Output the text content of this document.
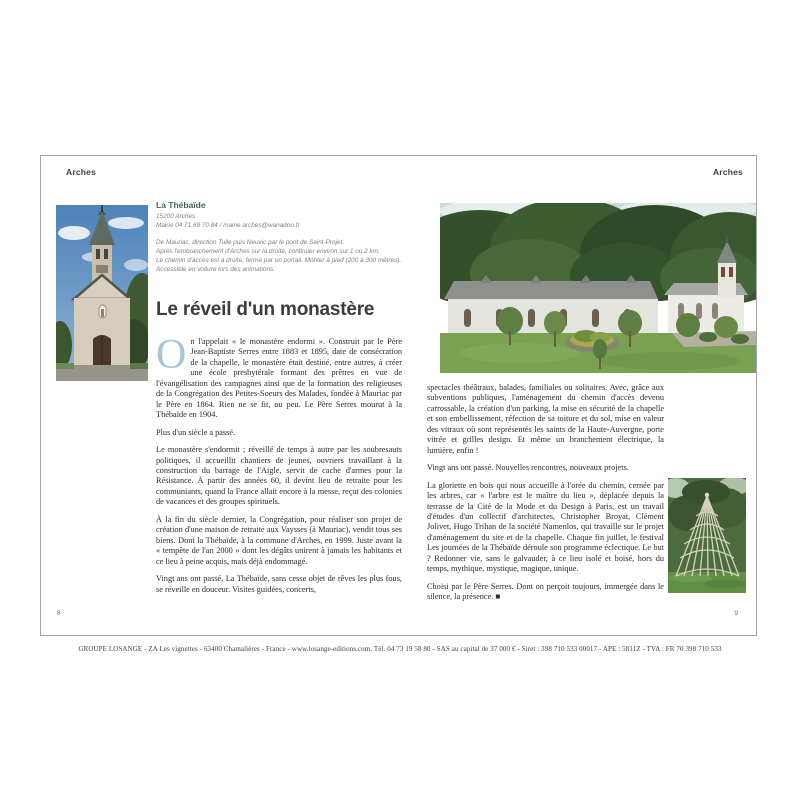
Arches	Arches
La Thébaïde
15200 Arches
Mairie 04 71 69 70 84 / mairie.arches@wanadoo.fr
De Mauriac, direction Tulle puis Neuvic par le pont de Saint-Projet.
Après l'embranchement d'Arches sur la droite, continuer environ sur 1 ou 2 km.
Le chemin d'accès est à droite, fermé par un portail. Monter à pied (200 à 300 mètres).
Accessible en voiture lors des animations.
Le réveil d'un monastère

On l'appelait « le monastère endormi ». Construit par le Père Jean-Baptiste Serres entre 1883 et 1895, date de consécration de la chapelle, le monastère était destiné, entre autres, à créer une école presbytérale formant des prêtres en vue de l'évangélisation des campagnes ainsi que de la formation des religieuses de la Congrégation des Petites-Soeurs des Malades, fondée à Mauriac par le Père en 1864. Rien ne se fit, ou peu. Le Père Serres mourut à la Thébaïde en 1904.

Plus d'un siècle a passé.

Le monastère s'endormit ; réveillé de temps à autre par les soubresauts politiques, il accueillit chantiers de jeunes, ouvriers travaillant à la construction du barrage de l'Aigle, servit de cache d'armes pour la Résistance. À partir des années 60, il devint lieu de retraite pour les communiants, quand la France allait encore à la messe, reçut des colonies de vacances et des groupes spirituels.

À la fin du siècle dernier, la Congrégation, pour réaliser son projet de création d'une maison de retraite aux Vaysses (à Mauriac), vendit tous ses biens. Dont la Thébaïde, à la commune d'Arches, en 1999. Juste avant la « tempête de l'an 2000 » dont les dégâts unirent à jamais les habitants et ce lieu à peine acquis, mais déjà endommagé.

Vingt ans ont passé. La Thébaïde, sans cesse objet de rêves les plus fous, se réveille en douceur. Visites guidées, concerts,

spectacles théâtraux, balades, familiales ou solitaires. Avec, grâce aux subventions publiques, l'aménagement du chemin d'accès devenu carrossable, la création d'un parking, la mise en sécurité de la chapelle et son embellissement, réfection de sa toiture et du sol, mise en valeur des vitraux où sont représentés les saints de la Haute-Auvergne, porte vitrée et grilles design. Et même un branchement électrique, la lumière, enfin !

Vingt ans ont passé. Nouvelles rencontres, nouveaux projets.

La gloriette en bois qui nous accueille à l'orée du chemin, cernée par les arbres, car « l'arbre est le maître du lieu », déplacée depuis la terrasse de la Cité de la Mode et du Design à Paris, est un travail d'études d'un collectif d'architectes, Christopher Broyat, Clément Jolivet, Hugo Trihan de la société Namenlos, qui travaille sur le projet d'aménagement du site et de la chapelle. Chaque fin juillet, le festival Les journées de la Thébaïde déroule son programme éclectique. Le but ? Redonner vie, sans le galvauder, à ce lieu isolé et boisé, hors du temps, mythique, mystique, magique, unique.

Choisi par le Père Serres. Dont on perçoit toujours, immergée dans le silence, la présence. ■

8	9
GROUPE LOSANGE - ZA Les vignettes - 63400 Chamalières - France - www.losange-editions.com. Tél. 04 73 19 58 80 - SAS au capital de 37 000 € - Siret : 398 710 533 00017 - APE : 5811Z - TVA : FR 70 398 710 533
